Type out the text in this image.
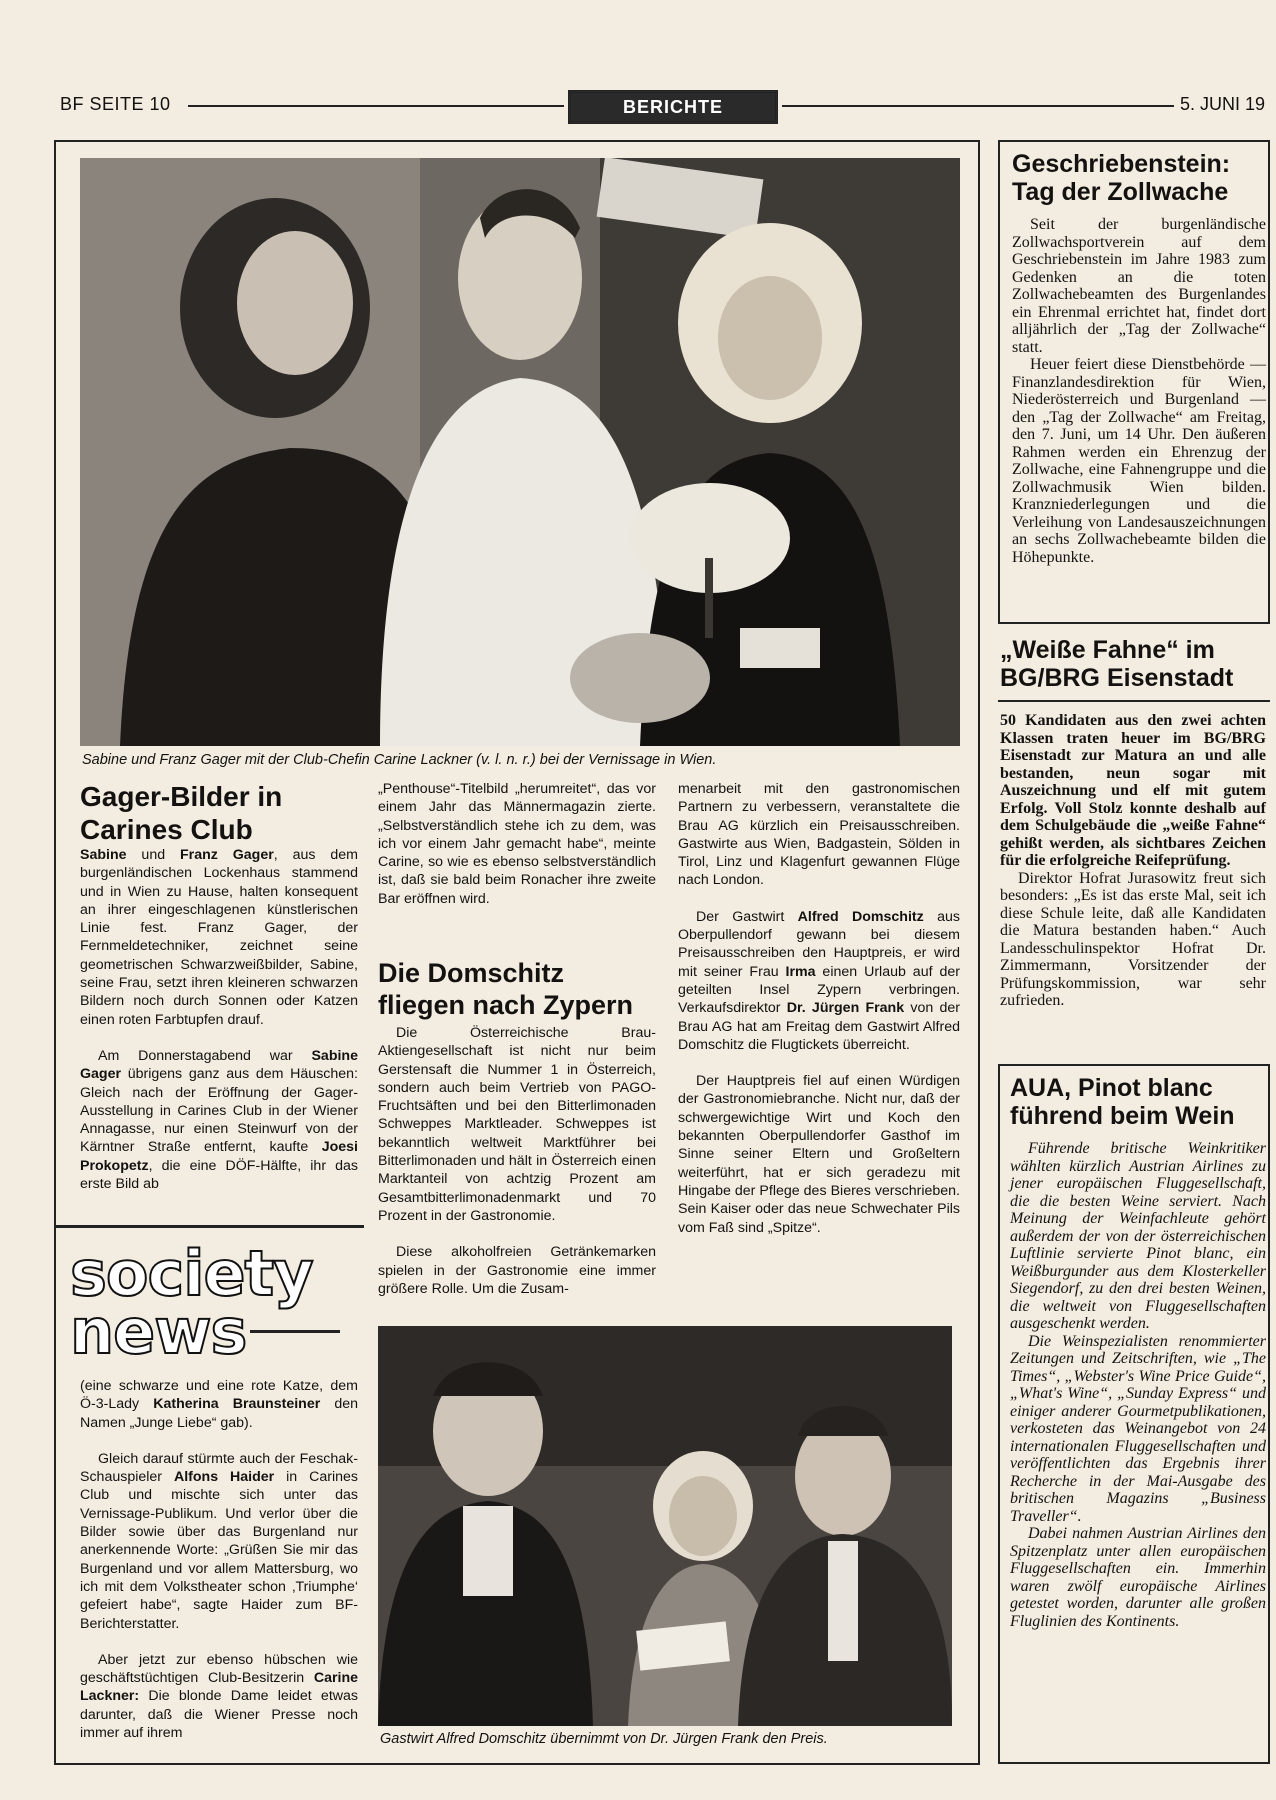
BF SEITE 10	BERICHTE	5. JUNI 19
Sabine und Franz Gager mit der Club-Chefin Carine Lackner (v. l. n. r.) bei der Vernissage in Wien.
Gager-Bilder in Carines Club

Sabine und Franz Gager, aus dem burgenländischen Lockenhaus stammend und in Wien zu Hause, halten konsequent an ihrer eingeschlagenen künstlerischen Linie fest. Franz Gager, der Fernmeldetechniker, zeichnet seine geometrischen Schwarzweißbilder, Sabine, seine Frau, setzt ihren kleineren schwarzen Bildern noch durch Sonnen oder Katzen einen roten Farbtupfen drauf.

Am Donnerstagabend war Sabine Gager übrigens ganz aus dem Häuschen: Gleich nach der Eröffnung der Gager-Ausstellung in Carines Club in der Wiener Annagasse, nur einen Steinwurf von der Kärntner Straße entfernt, kaufte Joesi Prokopetz, die eine DÖF-Hälfte, ihr das erste Bild ab

society
news

(eine schwarze und eine rote Katze, dem Ö-3-Lady Katherina Braunsteiner den Namen „Junge Liebe“ gab).

Gleich darauf stürmte auch der Feschak-Schauspieler Alfons Haider in Carines Club und mischte sich unter das Vernissage-Publikum. Und verlor über die Bilder sowie über das Burgenland nur anerkennende Worte: „Grüßen Sie mir das Burgenland und vor allem Mattersburg, wo ich mit dem Volkstheater schon ‚Triumphe‘ gefeiert habe“, sagte Haider zum BF-Berichterstatter.

Aber jetzt zur ebenso hübschen wie geschäftstüchtigen Club-Besitzerin Carine Lackner: Die blonde Dame leidet etwas darunter, daß die Wiener Presse noch immer auf ihrem

„Penthouse“-Titelbild „herumreitet“, das vor einem Jahr das Männermagazin zierte. „Selbstverständlich stehe ich zu dem, was ich vor einem Jahr gemacht habe“, meinte Carine, so wie es ebenso selbstverständlich ist, daß sie bald beim Ronacher ihre zweite Bar eröffnen wird.

Die Domschitz fliegen nach Zypern

Die Österreichische Brau-Aktiengesellschaft ist nicht nur beim Gerstensaft die Nummer 1 in Österreich, sondern auch beim Vertrieb von PAGO-Fruchtsäften und bei den Bitterlimonaden Schweppes Marktleader. Schweppes ist bekanntlich weltweit Marktführer bei Bitterlimonaden und hält in Österreich einen Marktanteil von achtzig Prozent am Gesamtbitterlimonadenmarkt und 70 Prozent in der Gastronomie.

Diese alkoholfreien Getränkemarken spielen in der Gastronomie eine immer größere Rolle. Um die Zusam-

menarbeit mit den gastronomischen Partnern zu verbessern, veranstaltete die Brau AG kürzlich ein Preisausschreiben. Gastwirte aus Wien, Badgastein, Sölden in Tirol, Linz und Klagenfurt gewannen Flüge nach London.

Der Gastwirt Alfred Domschitz aus Oberpullendorf gewann bei diesem Preisausschreiben den Hauptpreis, er wird mit seiner Frau Irma einen Urlaub auf der geteilten Insel Zypern verbringen. Verkaufsdirektor Dr. Jürgen Frank von der Brau AG hat am Freitag dem Gastwirt Alfred Domschitz die Flugtickets überreicht.

Der Hauptpreis fiel auf einen Würdigen der Gastronomiebranche. Nicht nur, daß der schwergewichtige Wirt und Koch den bekannten Oberpullendorfer Gasthof im Sinne seiner Eltern und Großeltern weiterführt, hat er sich geradezu mit Hingabe der Pflege des Bieres verschrieben. Sein Kaiser oder das neue Schwechater Pils vom Faß sind „Spitze“.

Gastwirt Alfred Domschitz übernimmt von Dr. Jürgen Frank den Preis.
Geschriebenstein: Tag der Zollwache

Seit der burgenländische Zollwachsportverein auf dem Geschriebenstein im Jahre 1983 zum Gedenken an die toten Zollwachebeamten des Burgenlandes ein Ehrenmal errichtet hat, findet dort alljährlich der „Tag der Zollwache“ statt.

Heuer feiert diese Dienstbehörde — Finanzlandesdirektion für Wien, Niederösterreich und Burgenland — den „Tag der Zollwache“ am Freitag, den 7. Juni, um 14 Uhr. Den äußeren Rahmen werden ein Ehrenzug der Zollwache, eine Fahnengruppe und die Zollwachmusik Wien bilden. Kranzniederlegungen und die Verleihung von Landesauszeichnungen an sechs Zollwachebeamte bilden die Höhepunkte.

„Weiße Fahne“ im BG/BRG Eisenstadt

50 Kandidaten aus den zwei achten Klassen traten heuer im BG/BRG Eisenstadt zur Matura an und alle bestanden, neun sogar mit Auszeichnung und elf mit gutem Erfolg. Voll Stolz konnte deshalb auf dem Schulgebäude die „weiße Fahne“ gehißt werden, als sichtbares Zeichen für die erfolgreiche Reifeprüfung.

Direktor Hofrat Jurasowitz freut sich besonders: „Es ist das erste Mal, seit ich diese Schule leite, daß alle Kandidaten die Matura bestanden haben.“ Auch Landesschulinspektor Hofrat Dr. Zimmermann, Vorsitzender der Prüfungskommission, war sehr zufrieden.

AUA, Pinot blanc führend beim Wein

Führende britische Weinkritiker wählten kürzlich Austrian Airlines zu jener europäischen Fluggesellschaft, die die besten Weine serviert. Nach Meinung der Weinfachleute gehört außerdem der von der österreichischen Luftlinie servierte Pinot blanc, ein Weißburgunder aus dem Klosterkeller Siegendorf, zu den drei besten Weinen, die weltweit von Fluggesellschaften ausgeschenkt werden.

Die Weinspezialisten renommierter Zeitungen und Zeitschriften, wie „The Times“, „Webster's Wine Price Guide“, „What's Wine“, „Sunday Express“ und einiger anderer Gourmetpublikationen, verkosteten das Weinangebot von 24 internationalen Fluggesellschaften und veröffentlichten das Ergebnis ihrer Recherche in der Mai-Ausgabe des britischen Magazins „Business Traveller“.

Dabei nahmen Austrian Airlines den Spitzenplatz unter allen europäischen Fluggesellschaften ein. Immerhin waren zwölf europäische Airlines getestet worden, darunter alle großen Fluglinien des Kontinents.
